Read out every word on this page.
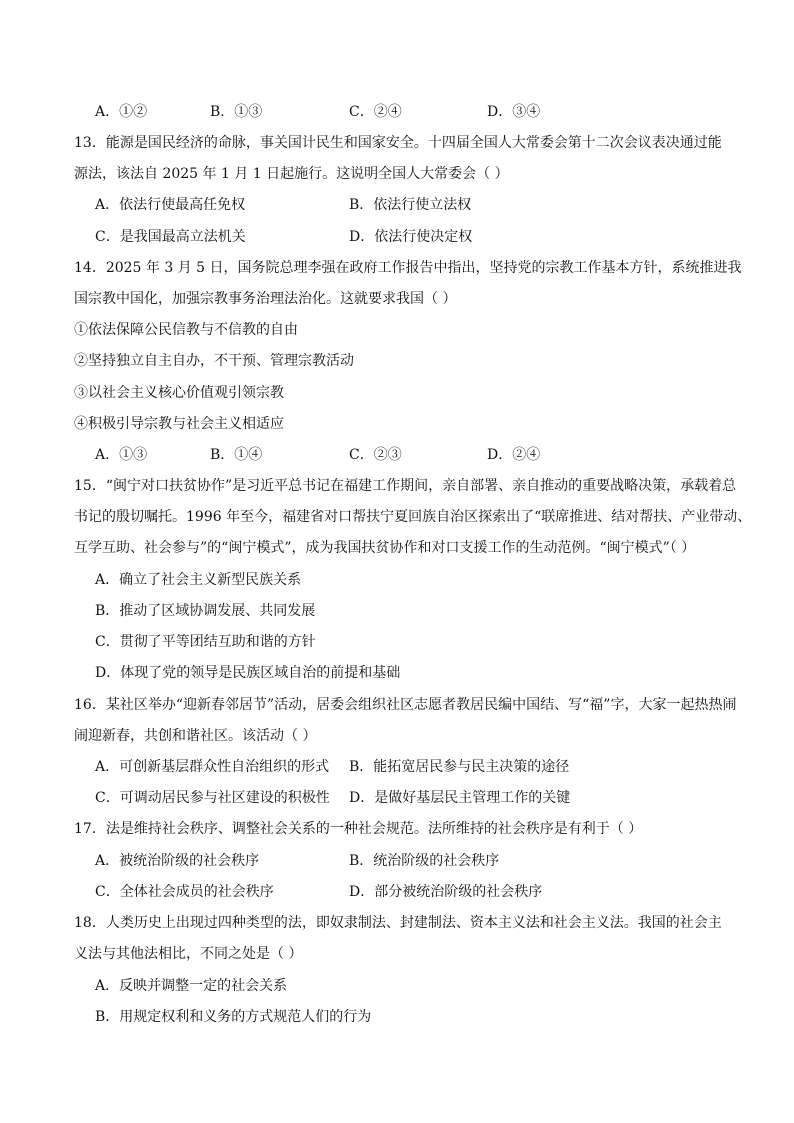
A．①②	B．①③	C．②④	D．③④
13．能源是国民经济的命脉，事关国计民生和国家安全。十四届全国人大常委会第十二次会议表决通过能
源法，该法自 2025 年 1 月 1 日起施行。这说明全国人大常委会（ ）
A．依法行使最高任免权	B．依法行使立法权
C．是我国最高立法机关	D．依法行使决定权
14．2025 年 3 月 5 日，国务院总理李强在政府工作报告中指出，坚持党的宗教工作基本方针，系统推进我
国宗教中国化，加强宗教事务治理法治化。这就要求我国（ ）
①依法保障公民信教与不信教的自由
②坚持独立自主自办，不干预、管理宗教活动
③以社会主义核心价值观引领宗教
④积极引导宗教与社会主义相适应
A．①③	B．①④	C．②③	D．②④
15．“闽宁对口扶贫协作”是习近平总书记在福建工作期间，亲自部署、亲自推动的重要战略决策，承载着总
书记的殷切嘱托。1996 年至今，福建省对口帮扶宁夏回族自治区探索出了“联席推进、结对帮扶、产业带动、
互学互助、社会参与”的“闽宁模式”，成为我国扶贫协作和对口支援工作的生动范例。“闽宁模式”（ ）
A．确立了社会主义新型民族关系
B．推动了区域协调发展、共同发展
C．贯彻了平等团结互助和谐的方针
D．体现了党的领导是民族区域自治的前提和基础
16．某社区举办“迎新春邻居节”活动，居委会组织社区志愿者教居民编中国结、写“福”字，大家一起热热闹
闹迎新春，共创和谐社区。该活动（ ）
A．可创新基层群众性自治组织的形式 B．能拓宽居民参与民主决策的途径
C．可调动居民参与社区建设的积极性 D．是做好基层民主管理工作的关键
17．法是维持社会秩序、调整社会关系的一种社会规范。法所维持的社会秩序是有利于（ ）
A．被统治阶级的社会秩序	B．统治阶级的社会秩序
C．全体社会成员的社会秩序	D．部分被统治阶级的社会秩序
18．人类历史上出现过四种类型的法，即奴隶制法、封建制法、资本主义法和社会主义法。我国的社会主
义法与其他法相比，不同之处是（ ）
A．反映并调整一定的社会关系
B．用规定权利和义务的方式规范人们的行为
